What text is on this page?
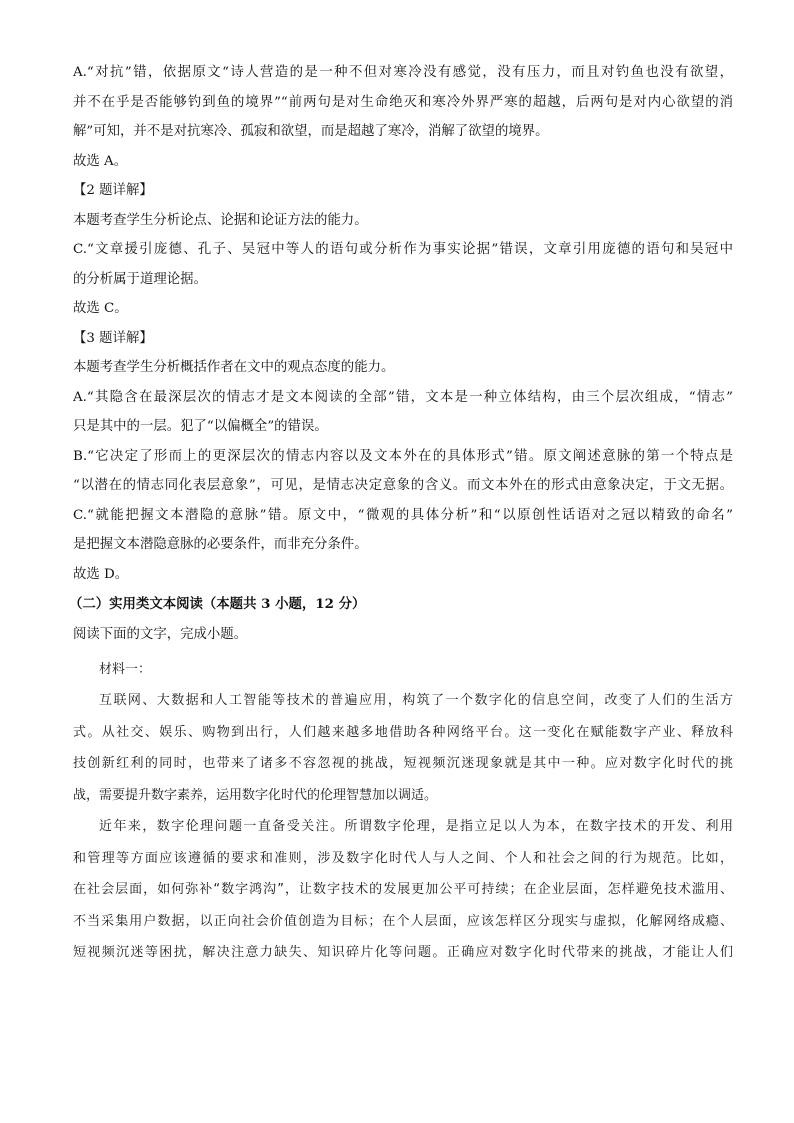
A.“对抗”错，依据原文“诗人营造的是一种不但对寒冷没有感觉，没有压力，而且对钓鱼也没有欲望，
并不在乎是否能够钓到鱼的境界”“前两句是对生命绝灭和寒冷外界严寒的超越，后两句是对内心欲望的消
解”可知，并不是对抗寒冷、孤寂和欲望，而是超越了寒冷，消解了欲望的境界。
故选 A。
【2 题详解】
本题考查学生分析论点、论据和论证方法的能力。
C.“文章援引庞德、孔子、吴冠中等人的语句或分析作为事实论据”错误，文章引用庞德的语句和吴冠中
的分析属于道理论据。
故选 C。
【3 题详解】
本题考查学生分析概括作者在文中的观点态度的能力。
A.“其隐含在最深层次的情志才是文本阅读的全部”错，文本是一种立体结构，由三个层次组成，“情志”
只是其中的一层。犯了“以偏概全”的错误。
B.“它决定了形而上的更深层次的情志内容以及文本外在的具体形式”错。原文阐述意脉的第一个特点是
“以潜在的情志同化表层意象”，可见，是情志决定意象的含义。而文本外在的形式由意象决定，于文无据。
C.“就能把握文本潜隐的意脉”错。原文中，“微观的具体分析”和“以原创性话语对之冠以精致的命名”
是把握文本潜隐意脉的必要条件，而非充分条件。
故选 D。
（二）实用类文本阅读（本题共 3 小题，12 分）
阅读下面的文字，完成小题。
材料一：
互联网、大数据和人工智能等技术的普遍应用，构筑了一个数字化的信息空间，改变了人们的生活方
式。从社交、娱乐、购物到出行，人们越来越多地借助各种网络平台。这一变化在赋能数字产业、释放科
技创新红利的同时，也带来了诸多不容忽视的挑战，短视频沉迷现象就是其中一种。应对数字化时代的挑
战，需要提升数字素养，运用数字化时代的伦理智慧加以调适。
近年来，数字伦理问题一直备受关注。所谓数字伦理，是指立足以人为本，在数字技术的开发、利用
和管理等方面应该遵循的要求和准则，涉及数字化时代人与人之间、个人和社会之间的行为规范。比如，
在社会层面，如何弥补“数字鸿沟”，让数字技术的发展更加公平可持续；在企业层面，怎样避免技术滥用、
不当采集用户数据，以正向社会价值创造为目标；在个人层面，应该怎样区分现实与虚拟，化解网络成瘾、
短视频沉迷等困扰，解决注意力缺失、知识碎片化等问题。正确应对数字化时代带来的挑战，才能让人们
